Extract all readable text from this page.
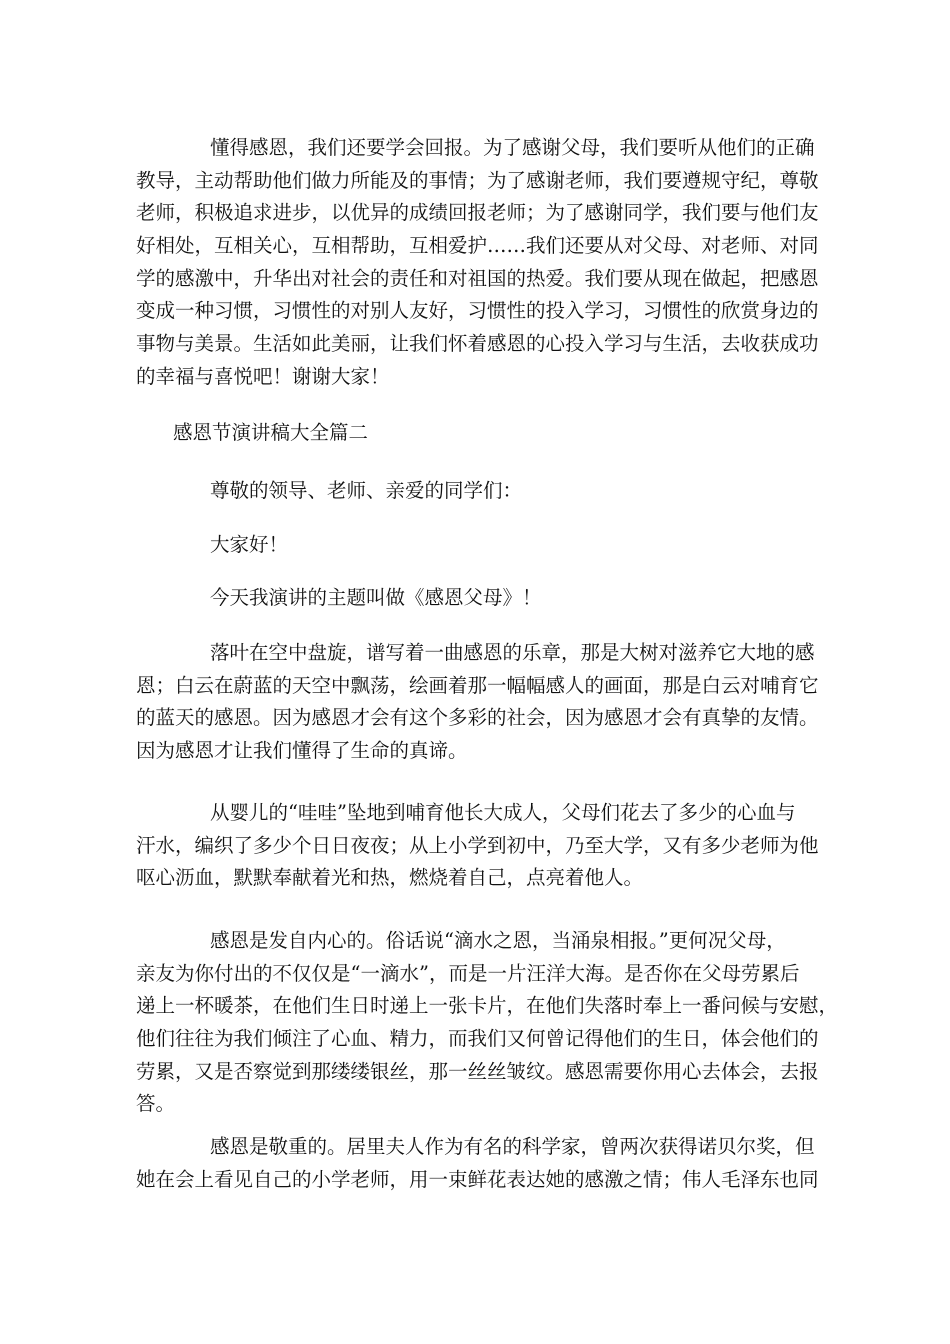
懂得感恩，我们还要学会回报。为了感谢父母，我们要听从他们的正确
教导，主动帮助他们做力所能及的事情；为了感谢老师，我们要遵规守纪，尊敬
老师，积极追求进步，以优异的成绩回报老师；为了感谢同学，我们要与他们友
好相处，互相关心，互相帮助，互相爱护……我们还要从对父母、对老师、对同
学的感激中，升华出对社会的责任和对祖国的热爱。我们要从现在做起，把感恩
变成一种习惯，习惯性的对别人友好，习惯性的投入学习，习惯性的欣赏身边的
事物与美景。生活如此美丽，让我们怀着感恩的心投入学习与生活，去收获成功
的幸福与喜悦吧！谢谢大家！
感恩节演讲稿大全篇二
尊敬的领导、老师、亲爱的同学们：
大家好！
今天我演讲的主题叫做《感恩父母》！
落叶在空中盘旋，谱写着一曲感恩的乐章，那是大树对滋养它大地的感
恩；白云在蔚蓝的天空中飘荡，绘画着那一幅幅感人的画面，那是白云对哺育它
的蓝天的感恩。因为感恩才会有这个多彩的社会，因为感恩才会有真挚的友情。
因为感恩才让我们懂得了生命的真谛。
从婴儿的“哇哇”坠地到哺育他长大成人，父母们花去了多少的心血与
汗水，编织了多少个日日夜夜；从上小学到初中，乃至大学，又有多少老师为他
呕心沥血，默默奉献着光和热，燃烧着自己，点亮着他人。
感恩是发自内心的。俗话说“滴水之恩，当涌泉相报。”更何况父母，
亲友为你付出的不仅仅是“一滴水”，而是一片汪洋大海。是否你在父母劳累后
递上一杯暖茶，在他们生日时递上一张卡片，在他们失落时奉上一番问候与安慰，
他们往往为我们倾注了心血、精力，而我们又何曾记得他们的生日，体会他们的
劳累，又是否察觉到那缕缕银丝，那一丝丝皱纹。感恩需要你用心去体会，去报
答。
感恩是敬重的。居里夫人作为有名的科学家，曾两次获得诺贝尔奖，但
她在会上看见自己的小学老师，用一束鲜花表达她的感激之情；伟人毛泽东也同
